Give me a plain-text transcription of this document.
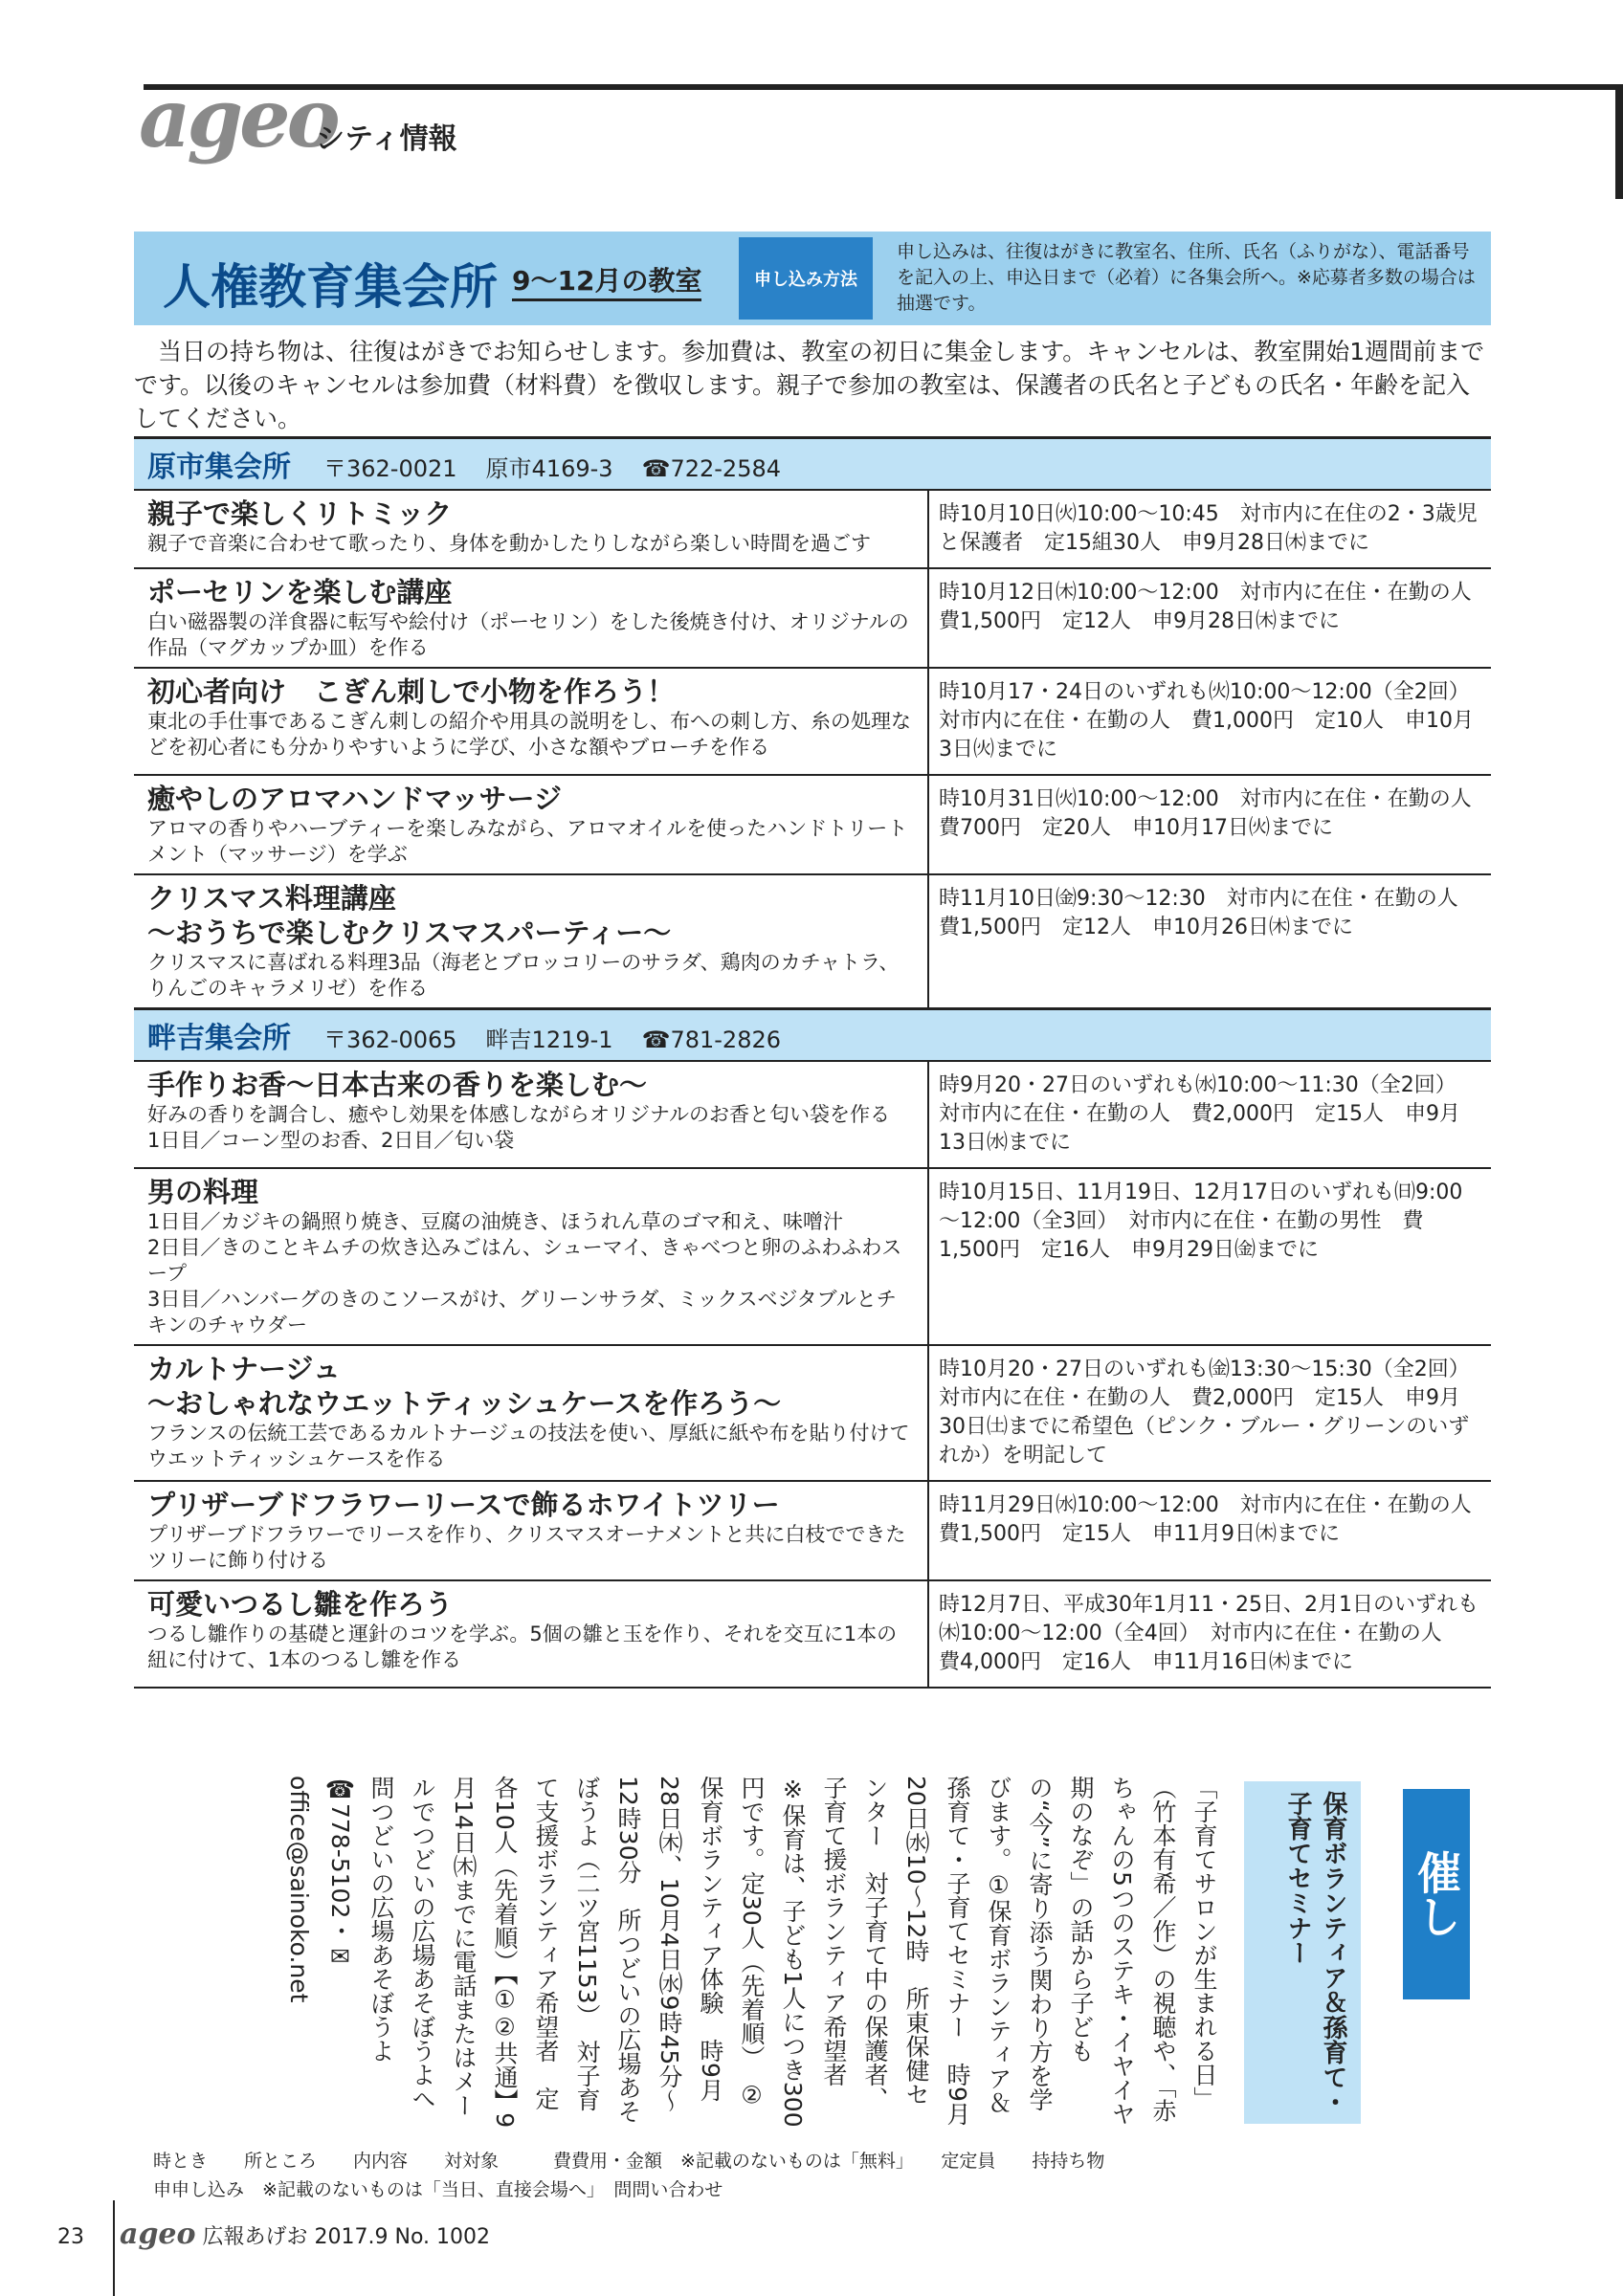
ageo
シティ情報
人権教育集会所 9～12月の教室	申し込み方法
申し込みは、往復はがきに教室名、住所、氏名（ふりがな）、電話番号を記入の上、申込日まで（必着）に各集会所へ。※応募者多数の場合は抽選です。
当日の持ち物は、往復はがきでお知らせします。参加費は、教室の初日に集金します。キャンセルは、教室開始1週間前までです。以後のキャンセルは参加費（材料費）を徴収します。親子で参加の教室は、保護者の氏名と子どもの氏名・年齢を記入してください。
原市集会所 〒362-0021 原市4169-3 ☎722-2584	

親子で楽しくリトミック
親子で音楽に合わせて歌ったり、身体を動かしたりしながら楽しい時間を過ごす	時10月10日㈫10:00～10:45　対市内に在住の2・3歳児と保護者　定15組30人　申9月28日㈭までに

ポーセリンを楽しむ講座
白い磁器製の洋食器に転写や絵付け（ポーセリン）をした後焼き付け、オリジナルの作品（マグカップか皿）を作る	時10月12日㈭10:00～12:00　対市内に在住・在勤の人　費1,500円　定12人　申9月28日㈭までに

初心者向け　こぎん刺しで小物を作ろう！
東北の手仕事であるこぎん刺しの紹介や用具の説明をし、布への刺し方、糸の処理などを初心者にも分かりやすいように学び、小さな額やブローチを作る	時10月17・24日のいずれも㈫10:00～12:00（全2回）　対市内に在住・在勤の人　費1,000円　定10人　申10月3日㈫までに

癒やしのアロマハンドマッサージ
アロマの香りやハーブティーを楽しみながら、アロマオイルを使ったハンドトリートメント（マッサージ）を学ぶ	時10月31日㈫10:00～12:00　対市内に在住・在勤の人　費700円　定20人　申10月17日㈫までに

クリスマス料理講座
～おうちで楽しむクリスマスパーティー～
クリスマスに喜ばれる料理3品（海老とブロッコリーのサラダ、鶏肉のカチャトラ、りんごのキャラメリゼ）を作る	時11月10日㈮9:30～12:30　対市内に在住・在勤の人　費1,500円　定12人　申10月26日㈭までに
畔吉集会所 〒362-0065 畔吉1219-1 ☎781-2826	

手作りお香～日本古来の香りを楽しむ～
好みの香りを調合し、癒やし効果を体感しながらオリジナルのお香と匂い袋を作る
1日目／コーン型のお香、2日目／匂い袋	時9月20・27日のいずれも㈬10:00～11:30（全2回）　対市内に在住・在勤の人　費2,000円　定15人　申9月13日㈬までに

男の料理
1日目／カジキの鍋照り焼き、豆腐の油焼き、ほうれん草のゴマ和え、味噌汁
2日目／きのことキムチの炊き込みごはん、シューマイ、きゃべつと卵のふわふわスープ
3日目／ハンバーグのきのこソースがけ、グリーンサラダ、ミックスベジタブルとチキンのチャウダー	時10月15日、11月19日、12月17日のいずれも㈰9:00～12:00（全3回）　対市内に在住・在勤の男性　費1,500円　定16人　申9月29日㈮までに

カルトナージュ
～おしゃれなウエットティッシュケースを作ろう～
フランスの伝統工芸であるカルトナージュの技法を使い、厚紙に紙や布を貼り付けてウエットティッシュケースを作る	時10月20・27日のいずれも㈮13:30～15:30（全2回）　対市内に在住・在勤の人　費2,000円　定15人　申9月30日㈯までに希望色（ピンク・ブルー・グリーンのいずれか）を明記して

プリザーブドフラワーリースで飾るホワイトツリー
プリザーブドフラワーでリースを作り、クリスマスオーナメントと共に白枝でできたツリーに飾り付ける	時11月29日㈬10:00～12:00　対市内に在住・在勤の人　費1,500円　定15人　申11月9日㈭までに

可愛いつるし雛を作ろう
つるし雛作りの基礎と運針のコツを学ぶ。5個の雛と玉を作り、それを交互に1本の紐に付けて、1本のつるし雛を作る	時12月7日、平成30年1月11・25日、2月1日のいずれも㈭10:00～12:00（全4回）　対市内に在住・在勤の人　費4,000円　定16人　申11月16日㈭までに
「子育てサロンが生まれる日」（竹本有希／作）の視聴や、「赤ちゃんの5つのステキ・イヤイヤ期のなぞ」の話から子どもの“今”に寄り添う関わり方を学びます。①保育ボランティア＆孫育て・子育てセミナー　時9月20日㈬10～12時　所東保健センター　対子育て中の保護者、子育て援ボランティア希望者　※保育は、子ども1人につき300円です。定30人（先着順）　②保育ボランティア体験　時9月28日㈭、10月4日㈬9時45分～12時30分　所つどいの広場あそぼうよ（二ツ宮1153）　対子育て支援ボランティア希望者　定各10人（先着順）【①②共通】9月14日㈭までに電話またはメールでつどいの広場あそぼうよへ　問つどいの広場あそぼうよ☎778-5102・✉office@sainoko.net	保育ボランティア＆孫育て・子育てセミナー	催し
時とき　　所ところ　　内内容　　対対象　　　費費用・金額　※記載のないものは「無料」　　定定員　　持持ち物
申申し込み　※記載のないものは「当日、直接会場へ」　問問い合わせ
23 ageo 広報あげお 2017.9 No. 1002
